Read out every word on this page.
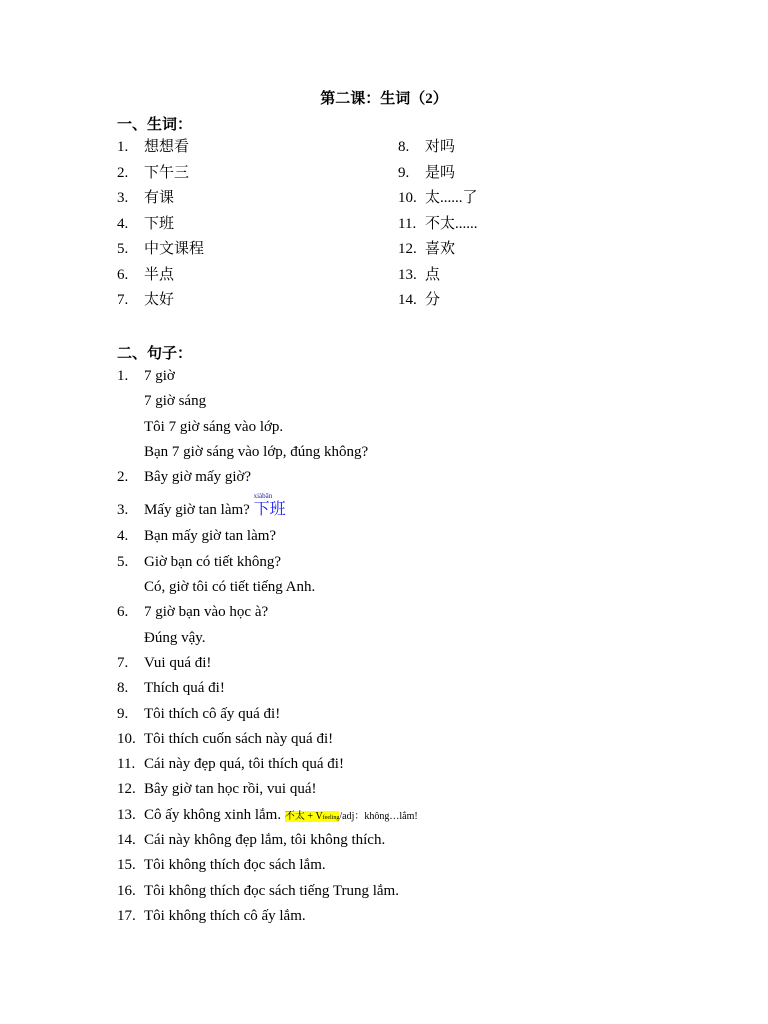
第二课：生词（2）
一、生词：
1. 想想看
2. 下午三
3. 有课
4. 下班
5. 中文课程
6. 半点
7. 太好
8. 对吗
9. 是吗
10. 太......了
11. 不太......
12. 喜欢
13. 点
14. 分
二、句子：
1. 7 giờ
7 giờ sáng
Tôi 7 giờ sáng vào lớp.
Bạn 7 giờ sáng vào lớp, đúng không?
2. Bây giờ mấy giờ?
3. Mấy giờ tan làm?
xiàbān
下班
4. Bạn mấy giờ tan làm?
5. Giờ bạn có tiết không?
Có, giờ tôi có tiết tiếng Anh.
6. 7 giờ bạn vào học à?
Đúng vậy.
7. Vui quá đi!
8. Thích quá đi!
9. Tôi thích cô ấy quá đi!
10. Tôi thích cuốn sách này quá đi!
11. Cái này đẹp quá, tôi thích quá đi!
12. Bây giờ tan học rồi, vui quá!
13. Cô ấy không xinh lắm. 不太 + Vfeeling/adj：không…lắm!
14. Cái này không đẹp lắm, tôi không thích.
15. Tôi không thích đọc sách lắm.
16. Tôi không thích đọc sách tiếng Trung lắm.
17. Tôi không thích cô ấy lắm.
